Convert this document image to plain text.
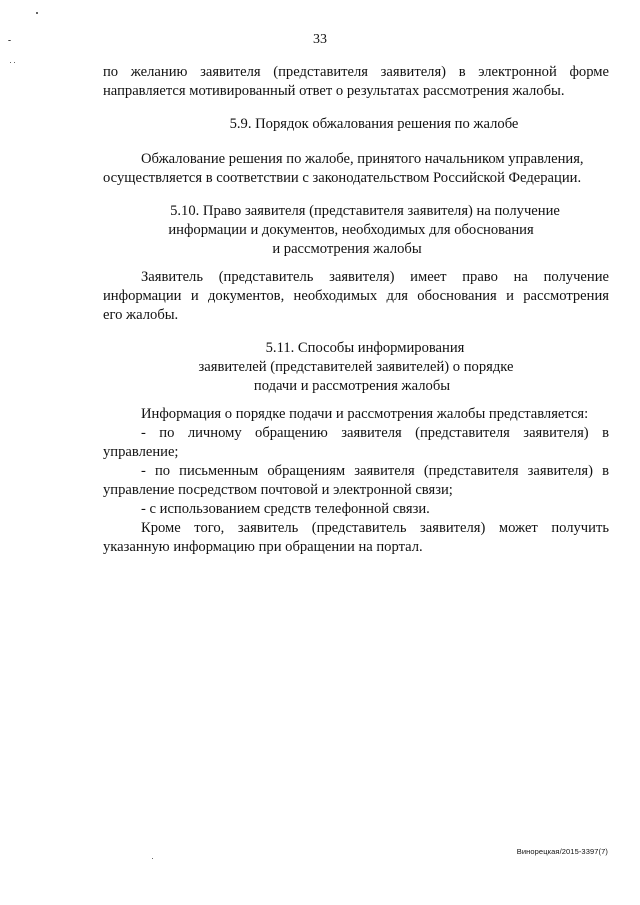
33
по желанию заявителя (представителя заявителя) в электронной форме
направляется мотивированный ответ о результатах рассмотрения жалобы.
5.9. Порядок обжалования решения по жалобе
Обжалование решения по жалобе, принятого начальником управления,
осуществляется в соответствии с законодательством Российской Федерации.
5.10. Право заявителя (представителя заявителя) на получение
информации и документов, необходимых для обоснования
и рассмотрения жалобы
Заявитель (представитель заявителя) имеет право на получение
информации и документов, необходимых для обоснования и рассмотрения
его жалобы.
5.11. Способы информирования
заявителей (представителей заявителей) о порядке
подачи и рассмотрения жалобы
Информация о порядке подачи и рассмотрения жалобы представляется:
- по личному обращению заявителя (представителя заявителя) в
управление;
- по письменным обращениям заявителя (представителя заявителя) в
управление посредством почтовой и электронной связи;
- с использованием средств телефонной связи.
Кроме того, заявитель (представитель заявителя) может получить
указанную информацию при обращении на портал.
Винорецкая/2015-3397(7)
